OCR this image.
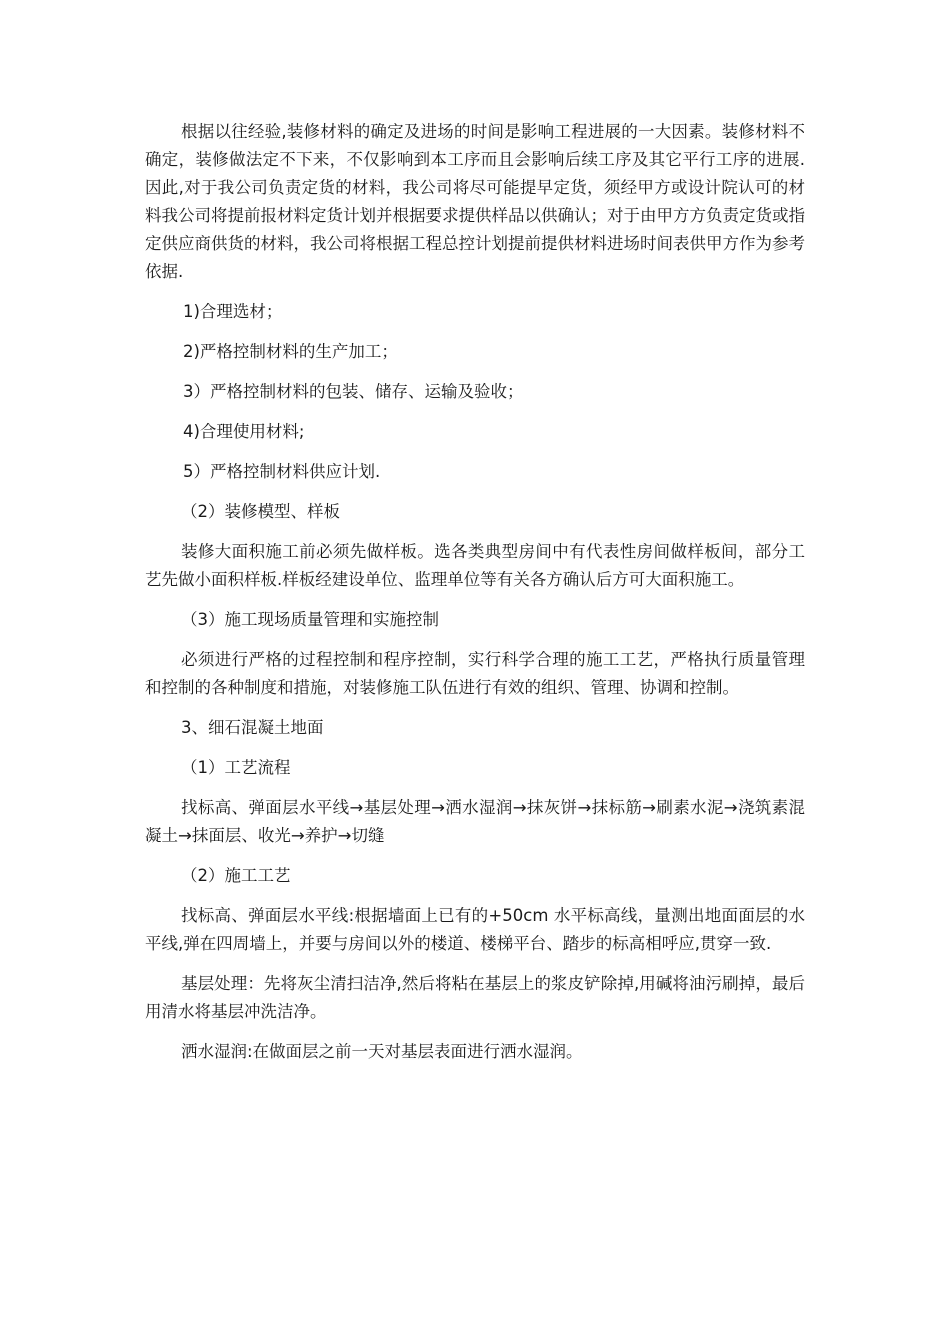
根据以往经验,装修材料的确定及进场的时间是影响工程进展的一大因素。装修材料不确定，装修做法定不下来，不仅影响到本工序而且会影响后续工序及其它平行工序的进展.因此,对于我公司负责定货的材料，我公司将尽可能提早定货，须经甲方或设计院认可的材料我公司将提前报材料定货计划并根据要求提供样品以供确认；对于由甲方方负责定货或指定供应商供货的材料，我公司将根据工程总控计划提前提供材料进场时间表供甲方作为参考依据.

1)合理选材；

2)严格控制材料的生产加工；

3）严格控制材料的包装、储存、运输及验收；

4)合理使用材料;

5）严格控制材料供应计划.

（2）装修模型、样板

装修大面积施工前必须先做样板。选各类典型房间中有代表性房间做样板间，部分工艺先做小面积样板.样板经建设单位、监理单位等有关各方确认后方可大面积施工。

（3）施工现场质量管理和实施控制

必须进行严格的过程控制和程序控制，实行科学合理的施工工艺，严格执行质量管理和控制的各种制度和措施，对装修施工队伍进行有效的组织、管理、协调和控制。

3、细石混凝土地面

（1）工艺流程

找标高、弹面层水平线→基层处理→洒水湿润→抹灰饼→抹标筋→刷素水泥→浇筑素混凝土→抹面层、收光→养护→切缝

（2）施工工艺

找标高、弹面层水平线:根据墙面上已有的+50cm 水平标高线，量测出地面面层的水平线,弹在四周墙上，并要与房间以外的楼道、楼梯平台、踏步的标高相呼应,贯穿一致.

基层处理：先将灰尘清扫洁净,然后将粘在基层上的浆皮铲除掉,用碱将油污刷掉，最后用清水将基层冲洗洁净。

洒水湿润:在做面层之前一天对基层表面进行洒水湿润。
